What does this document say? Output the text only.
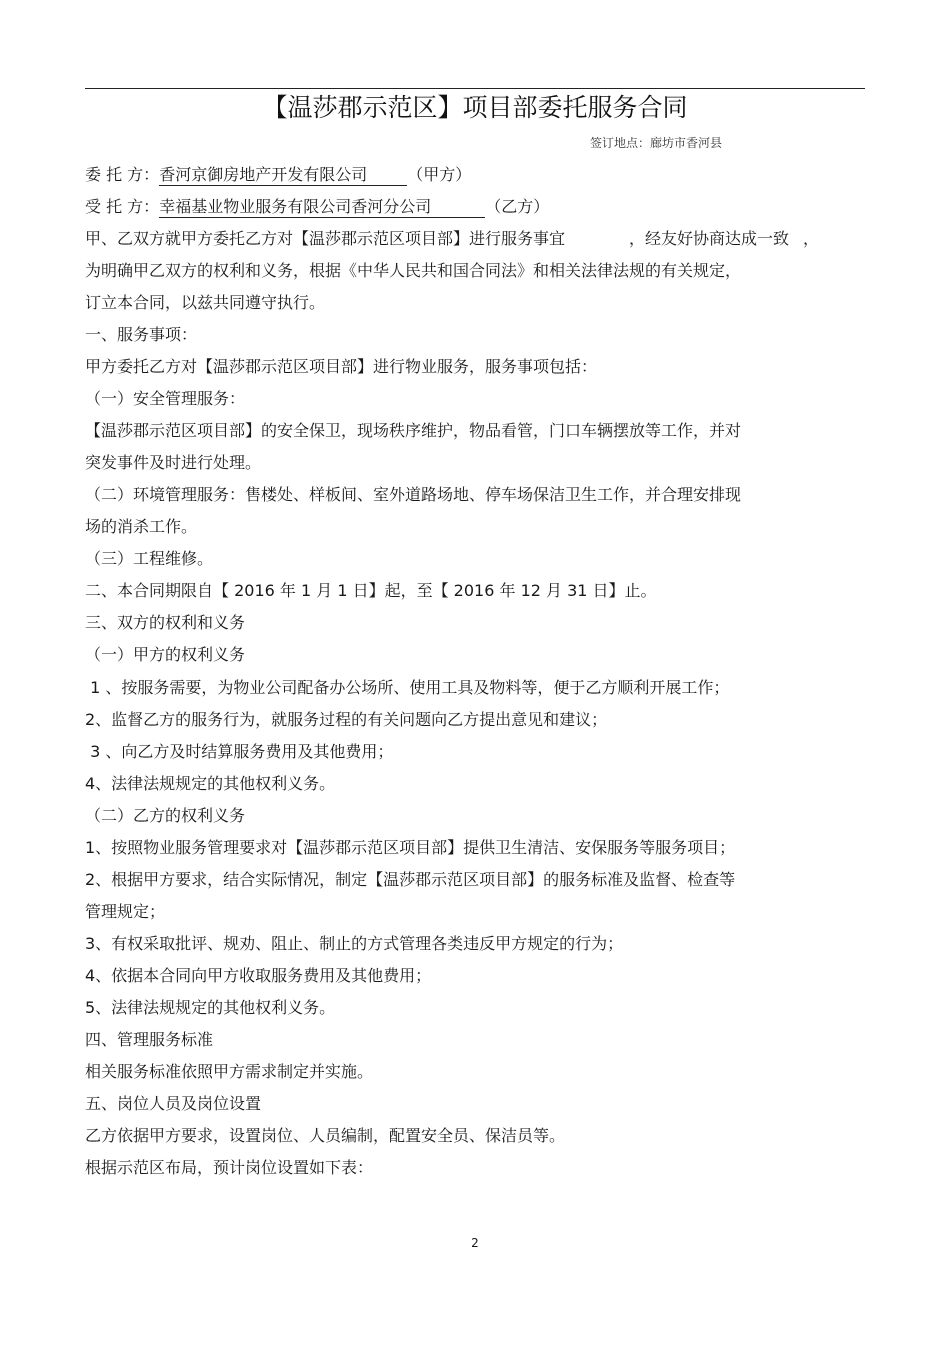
【温莎郡示范区】项目部委托服务合同
签订地点：廊坊市香河县
委 托 方：香河京御房地产开发有限公司 （甲方）
受 托 方：幸福基业物业服务有限公司香河分公司	（乙方）
甲、乙双方就甲方委托乙方对【温莎郡示范区项目部】进行服务事宜	，经友好协商达成一致 ，
为明确甲乙双方的权利和义务，根据《中华人民共和国合同法》和相关法律法规的有关规定，
订立本合同，以兹共同遵守执行。
一、服务事项：
甲方委托乙方对【温莎郡示范区项目部】进行物业服务，服务事项包括：
（一）安全管理服务：
【温莎郡示范区项目部】的安全保卫，现场秩序维护，物品看管，门口车辆摆放等工作，并对
突发事件及时进行处理。
（二）环境管理服务：售楼处、样板间、室外道路场地、停车场保洁卫生工作，并合理安排现
场的消杀工作。
（三）工程维修。
二、本合同期限自【 2016 年 1 月 1 日】起，至【 2016 年 12 月 31 日】止。
三、双方的权利和义务
（一）甲方的权利义务
1 、按服务需要，为物业公司配备办公场所、使用工具及物料等，便于乙方顺利开展工作；
2、监督乙方的服务行为，就服务过程的有关问题向乙方提出意见和建议；
3 、向乙方及时结算服务费用及其他费用；
4、法律法规规定的其他权利义务。
（二）乙方的权利义务
1、按照物业服务管理要求对【温莎郡示范区项目部】提供卫生清洁、安保服务等服务项目；
2、根据甲方要求，结合实际情况，制定【温莎郡示范区项目部】的服务标准及监督、检查等
管理规定；
3、有权采取批评、规劝、阻止、制止的方式管理各类违反甲方规定的行为；
4、依据本合同向甲方收取服务费用及其他费用；
5、法律法规规定的其他权利义务。
四、管理服务标准
相关服务标准依照甲方需求制定并实施。
五、岗位人员及岗位设置
乙方依据甲方要求，设置岗位、人员编制，配置安全员、保洁员等。
根据示范区布局，预计岗位设置如下表：
2
